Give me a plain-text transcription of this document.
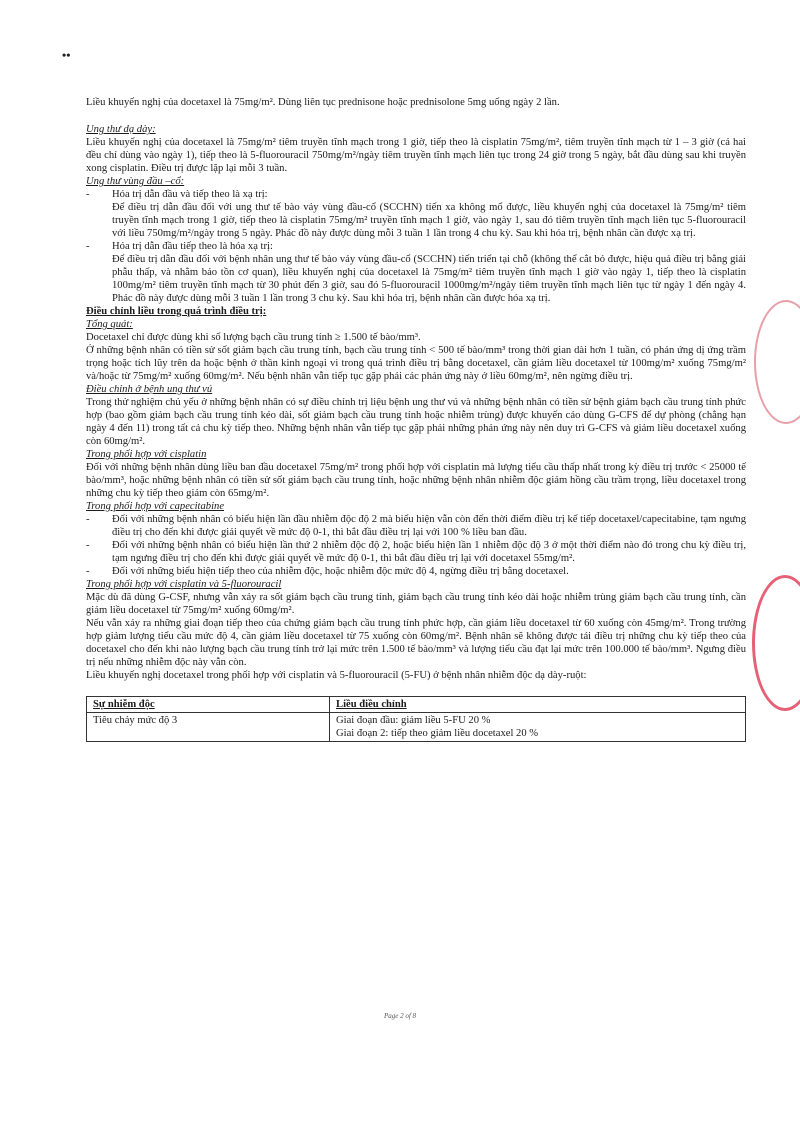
••

Liều khuyến nghị của docetaxel là 75mg/m². Dùng liên tục prednisone hoặc prednisolone 5mg uống ngày 2 lần.

Ung thư dạ dày:

Liều khuyến nghị của docetaxel là 75mg/m² tiêm truyền tĩnh mạch trong 1 giờ, tiếp theo là cisplatin 75mg/m², tiêm truyền tĩnh mạch từ 1 – 3 giờ (cả hai đều chỉ dùng vào ngày 1), tiếp theo là 5-fluorouracil 750mg/m²/ngày tiêm truyền tĩnh mạch liên tục trong 24 giờ trong 5 ngày, bắt đầu dùng sau khi truyền xong cisplatin. Điều trị được lặp lại mỗi 3 tuần.

Ung thư vùng đầu –cổ:
-	Hóa trị dẫn đầu và tiếp theo là xạ trị:

Để điều trị dẫn đầu đối với ung thư tế bào vảy vùng đầu-cổ (SCCHN) tiến xa không mổ được, liều khuyến nghị của docetaxel là 75mg/m² tiêm truyền tĩnh mạch trong 1 giờ, tiếp theo là cisplatin 75mg/m² truyền tĩnh mạch 1 giờ, vào ngày 1, sau đó tiêm truyền tĩnh mạch liên tục 5-fluorouracil với liều 750mg/m²/ngày trong 5 ngày. Phác đồ này được dùng mỗi 3 tuần 1 lần trong 4 chu kỳ. Sau khi hóa trị, bệnh nhân cần được xạ trị.

-	Hóa trị dẫn đầu tiếp theo là hóa xạ trị:

Để điều trị dẫn đầu đối với bệnh nhân ung thư tế bào vảy vùng đầu-cổ (SCCHN) tiến triển tại chỗ (không thể cắt bỏ được, hiệu quả điều trị bằng giải phẫu thấp, và nhằm bảo tồn cơ quan), liều khuyến nghị của docetaxel là 75mg/m² tiêm truyền tĩnh mạch 1 giờ vào ngày 1, tiếp theo là cisplatin 100mg/m² tiêm truyền tĩnh mạch từ 30 phút đến 3 giờ, sau đó 5-fluorouracil 1000mg/m²/ngày tiêm truyền tĩnh mạch liên tục từ ngày 1 đến ngày 4. Phác đồ này được dùng mỗi 3 tuần 1 lần trong 3 chu kỳ. Sau khi hóa trị, bệnh nhân cần được hóa xạ trị.

Điều chỉnh liều trong quá trình điều trị:
Tổng quát:

Docetaxel chỉ được dùng khi số lượng bạch cầu trung tính ≥ 1.500 tế bào/mm³.

Ở những bệnh nhân có tiền sử sốt giảm bạch cầu trung tính, bạch cầu trung tính < 500 tế bào/mm³ trong thời gian dài hơn 1 tuần, có phản ứng dị ứng trầm trọng hoặc tích lũy trên da hoặc bệnh ở thần kinh ngoại vi trong quá trình điều trị bằng docetaxel, cần giảm liều docetaxel từ 100mg/m² xuống 75mg/m² và/hoặc từ 75mg/m² xuống 60mg/m². Nếu bệnh nhân vẫn tiếp tục gặp phải các phản ứng này ở liều 60mg/m², nên ngừng điều trị.

Điều chỉnh ở bệnh ung thư vú

Trong thử nghiệm chủ yếu ở những bệnh nhân có sự điều chỉnh trị liệu bệnh ung thư vú và những bệnh nhân có tiền sử bệnh giảm bạch cầu trung tính phức hợp (bao gồm giảm bạch cầu trung tính kéo dài, sốt giảm bạch cầu trung tính hoặc nhiễm trùng) được khuyến cáo dùng G-CFS để dự phòng (chẳng hạn ngày 4 đến 11) trong tất cả chu kỳ tiếp theo. Những bệnh nhân vẫn tiếp tục gặp phải những phản ứng này nên duy trì G-CFS và giảm liều docetaxel xuống còn 60mg/m².

Trong phối hợp với cisplatin

Đối với những bệnh nhân dùng liều ban đầu docetaxel 75mg/m² trong phối hợp với cisplatin mà lượng tiểu cầu thấp nhất trong kỳ điều trị trước < 25000 tế bào/mm³, hoặc những bệnh nhân có tiền sử sốt giảm bạch cầu trung tính, hoặc những bệnh nhân nhiễm độc giảm hồng cầu trầm trọng, liều docetaxel trong những chu kỳ tiếp theo giảm còn 65mg/m².

Trong phối hợp với capecitabine
-	Đối với những bệnh nhân có biểu hiện lần đầu nhiễm độc độ 2 mà biểu hiện vẫn còn đến thời điểm điều trị kế tiếp docetaxel/capecitabine, tạm ngưng điều trị cho đến khi được giải quyết về mức độ 0-1, thì bắt đầu điều trị lại với 100 % liều ban đầu.
-	Đối với những bệnh nhân có biểu hiện lần thứ 2 nhiễm độc độ 2, hoặc biểu hiện lần 1 nhiễm độc độ 3 ở một thời điểm nào đó trong chu kỳ điều trị, tạm ngưng điều trị cho đến khi được giải quyết về mức độ 0-1, thì bắt đầu điều trị lại với docetaxel 55mg/m².
-	Đối với những biểu hiện tiếp theo của nhiễm độc, hoặc nhiễm độc mức độ 4, ngừng điều trị bằng docetaxel.
Trong phối hợp với cisplatin và 5-fluorouracil

Mặc dù đã dùng G-CSF, nhưng vẫn xảy ra sốt giảm bạch cầu trung tính, giảm bạch cầu trung tính kéo dài hoặc nhiễm trùng giảm bạch cầu trung tính, cần giảm liều docetaxel từ 75mg/m² xuống 60mg/m².

Nếu vẫn xảy ra những giai đoạn tiếp theo của chứng giảm bạch cầu trung tính phức hợp, cần giảm liều docetaxel từ 60 xuống còn 45mg/m². Trong trường hợp giảm lượng tiểu cầu mức độ 4, cần giảm liều docetaxel từ 75 xuống còn 60mg/m². Bệnh nhân sẽ không được tái điều trị những chu kỳ tiếp theo của docetaxel cho đến khi nào lượng bạch cầu trung tính trở lại mức trên 1.500 tế bào/mm³ và lượng tiểu cầu đạt lại mức trên 100.000 tế bào/mm³. Ngưng điều trị nếu những nhiễm độc này vẫn còn.

Liều khuyến nghị docetaxel trong phối hợp với cisplatin và 5-fluorouracil (5-FU) ở bệnh nhân nhiễm độc dạ dày-ruột:

Sự nhiễm độc	Liều điều chỉnh
Tiêu chảy mức độ 3	Giai đoạn đầu: giảm liều 5-FU 20 %
Giai đoạn 2: tiếp theo giảm liều docetaxel 20 %
Page 2 of 8
